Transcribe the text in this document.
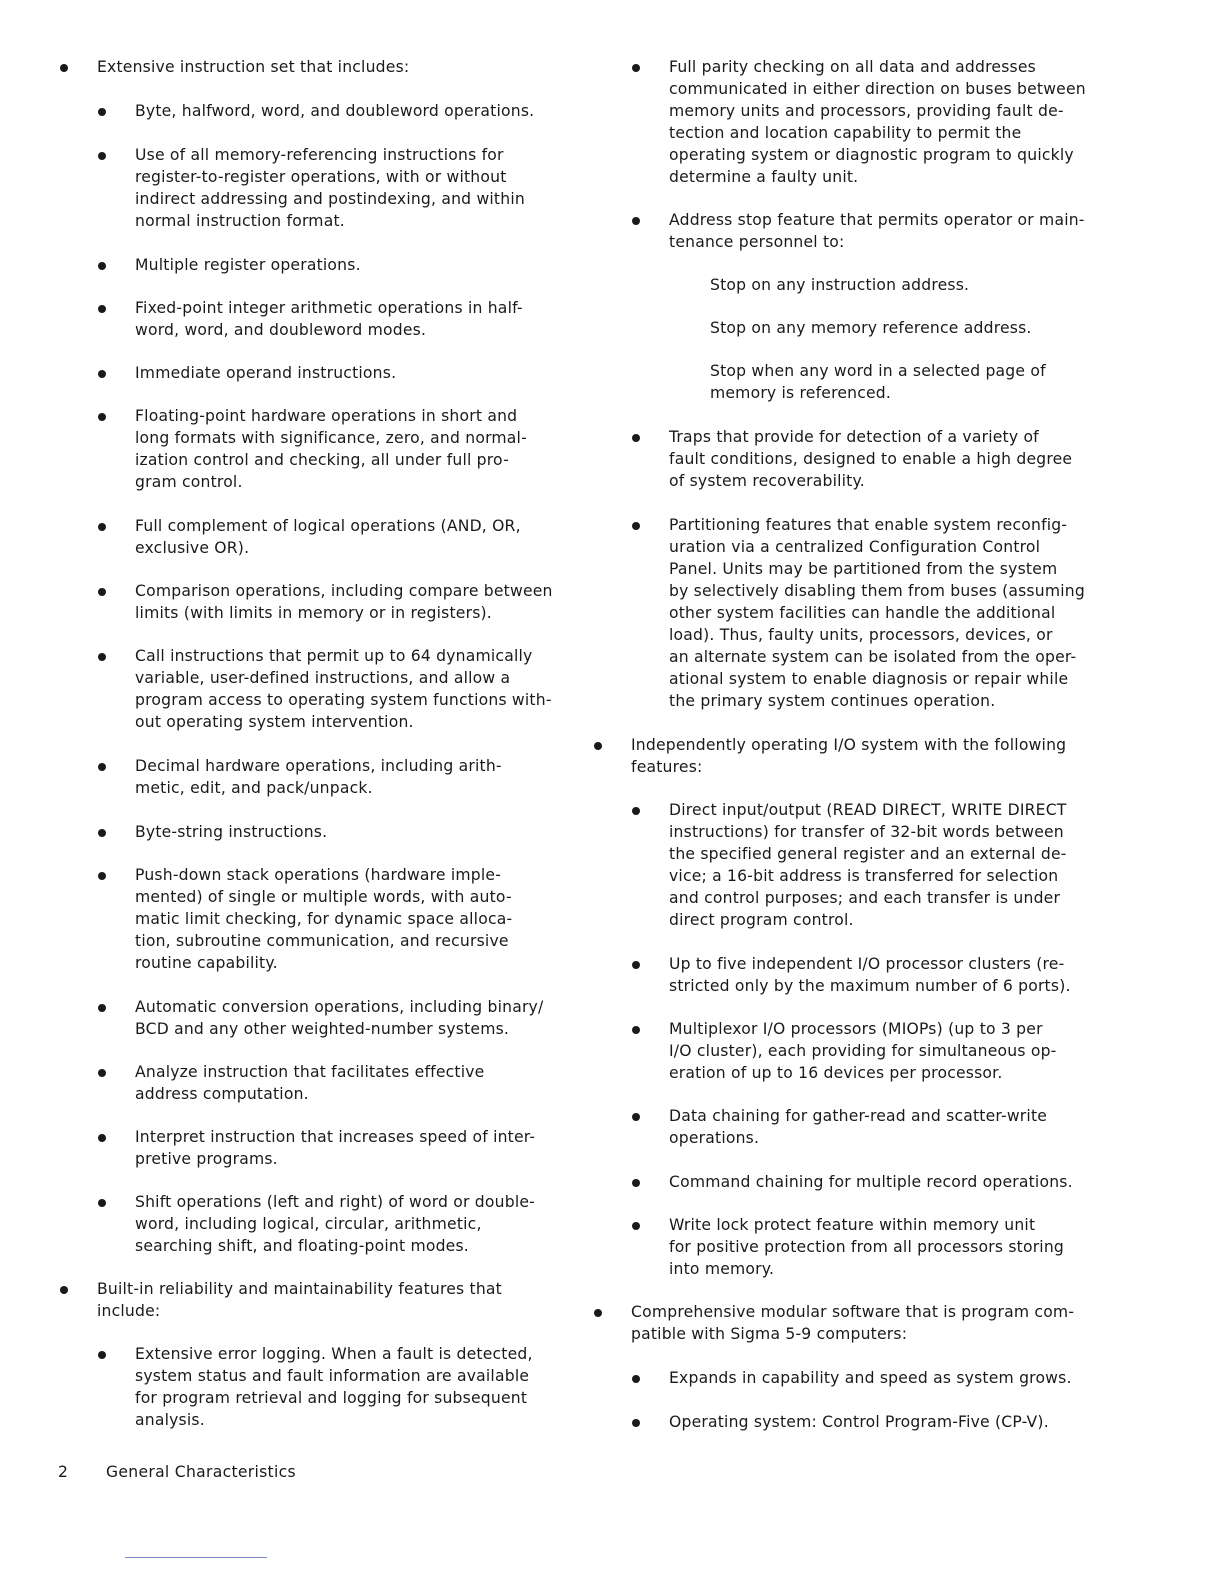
Extensive instruction set that includes:

Byte, halfword, word, and doubleword operations.

Use of all memory-referencing instructions for
register-to-register operations, with or without
indirect addressing and postindexing, and within
normal instruction format.

Multiple register operations.

Fixed-point integer arithmetic operations in half-
word, word, and doubleword modes.

Immediate operand instructions.

Floating-point hardware operations in short and
long formats with significance, zero, and normal-
ization control and checking, all under full pro-
gram control.

Full complement of logical operations (AND, OR,
exclusive OR).

Comparison operations, including compare between
limits (with limits in memory or in registers).

Call instructions that permit up to 64 dynamically
variable, user-defined instructions, and allow a
program access to operating system functions with-
out operating system intervention.

Decimal hardware operations, including arith-
metic, edit, and pack/unpack.

Byte-string instructions.

Push-down stack operations (hardware imple-
mented) of single or multiple words, with auto-
matic limit checking, for dynamic space alloca-
tion, subroutine communication, and recursive
routine capability.

Automatic conversion operations, including binary/
BCD and any other weighted-number systems.

Analyze instruction that facilitates effective
address computation.

Interpret instruction that increases speed of inter-
pretive programs.

Shift operations (left and right) of word or double-
word, including logical, circular, arithmetic,
searching shift, and floating-point modes.

Built-in reliability and maintainability features that
include:

Extensive error logging. When a fault is detected,
system status and fault information are available
for program retrieval and logging for subsequent
analysis.

Full parity checking on all data and addresses
communicated in either direction on buses between
memory units and processors, providing fault de-
tection and location capability to permit the
operating system or diagnostic program to quickly
determine a faulty unit.

Address stop feature that permits operator or main-
tenance personnel to:

Stop on any instruction address.

Stop on any memory reference address.

Stop when any word in a selected page of
memory is referenced.

Traps that provide for detection of a variety of
fault conditions, designed to enable a high degree
of system recoverability.

Partitioning features that enable system reconfig-
uration via a centralized Configuration Control
Panel. Units may be partitioned from the system
by selectively disabling them from buses (assuming
other system facilities can handle the additional
load). Thus, faulty units, processors, devices, or
an alternate system can be isolated from the oper-
ational system to enable diagnosis or repair while
the primary system continues operation.

Independently operating I/O system with the following
features:

Direct input/output (READ DIRECT, WRITE DIRECT
instructions) for transfer of 32-bit words between
the specified general register and an external de-
vice; a 16-bit address is transferred for selection
and control purposes; and each transfer is under
direct program control.

Up to five independent I/O processor clusters (re-
stricted only by the maximum number of 6 ports).

Multiplexor I/O processors (MIOPs) (up to 3 per
I/O cluster), each providing for simultaneous op-
eration of up to 16 devices per processor.

Data chaining for gather-read and scatter-write
operations.

Command chaining for multiple record operations.

Write lock protect feature within memory unit
for positive protection from all processors storing
into memory.

Comprehensive modular software that is program com-
patible with Sigma 5-9 computers:

Expands in capability and speed as system grows.

Operating system: Control Program-Five (CP-V).

2 General Characteristics
